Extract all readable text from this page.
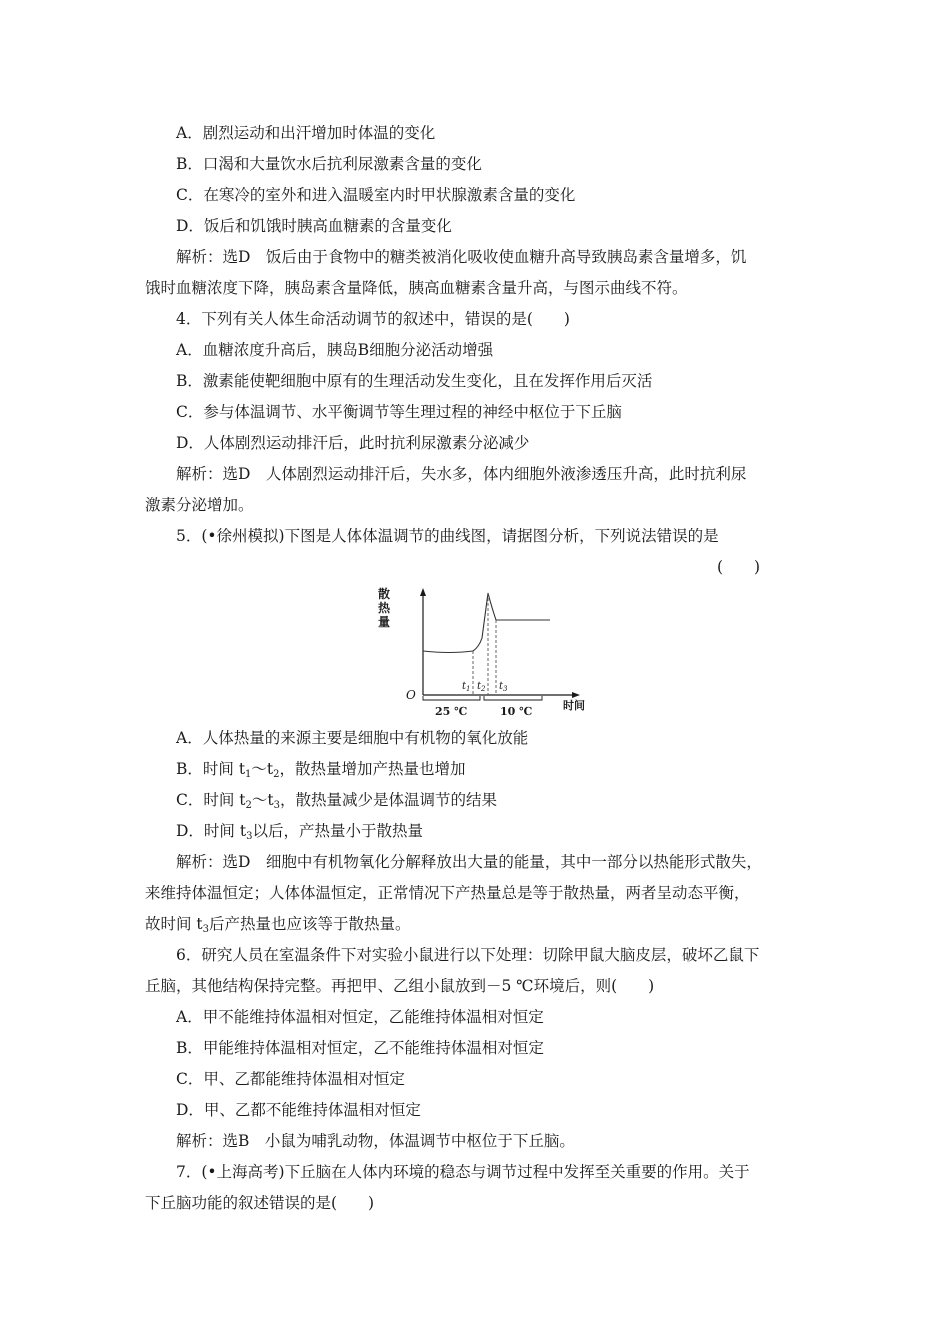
A．剧烈运动和出汗增加时体温的变化
B．口渴和大量饮水后抗利尿激素含量的变化
C．在寒冷的室外和进入温暖室内时甲状腺激素含量的变化
D．饭后和饥饿时胰高血糖素的含量变化
解析：选D　饭后由于食物中的糖类被消化吸收使血糖升高导致胰岛素含量增多，饥
饿时血糖浓度下降，胰岛素含量降低，胰高血糖素含量升高，与图示曲线不符。
4．下列有关人体生命活动调节的叙述中，错误的是(　　)
A．血糖浓度升高后，胰岛B细胞分泌活动增强
B．激素能使靶细胞中原有的生理活动发生变化，且在发挥作用后灭活
C．参与体温调节、水平衡调节等生理过程的神经中枢位于下丘脑
D．人体剧烈运动排汗后，此时抗利尿激素分泌减少
解析：选D　人体剧烈运动排汗后，失水多，体内细胞外液渗透压升高，此时抗利尿
激素分泌增加。
5．(•徐州模拟)下图是人体体温调节的曲线图，请据图分析，下列说法错误的是
(　　)
散
热
量
O
时间
$t_1$ $t_2$ $t_3$
25 ℃	10 ℃
A．人体热量的来源主要是细胞中有机物的氧化放能
B．时间 $t_1\sim t_2$，散热量增加产热量也增加
C．时间 $t_2\sim t_3$，散热量减少是体温调节的结果
D．时间 $t_3$以后，产热量小于散热量
解析：选D　细胞中有机物氧化分解释放出大量的能量，其中一部分以热能形式散失，
来维持体温恒定；人体体温恒定，正常情况下产热量总是等于散热量，两者呈动态平衡，
故时间 $t_3$后产热量也应该等于散热量。
6．研究人员在室温条件下对实验小鼠进行以下处理：切除甲鼠大脑皮层，破坏乙鼠下
丘脑，其他结构保持完整。再把甲、乙组小鼠放到－5 ℃环境后，则(　　)
A．甲不能维持体温相对恒定，乙能维持体温相对恒定
B．甲能维持体温相对恒定，乙不能维持体温相对恒定
C．甲、乙都能维持体温相对恒定
D．甲、乙都不能维持体温相对恒定
解析：选B　小鼠为哺乳动物，体温调节中枢位于下丘脑。
7．(•上海高考)下丘脑在人体内环境的稳态与调节过程中发挥至关重要的作用。关于
下丘脑功能的叙述错误的是(　　)
